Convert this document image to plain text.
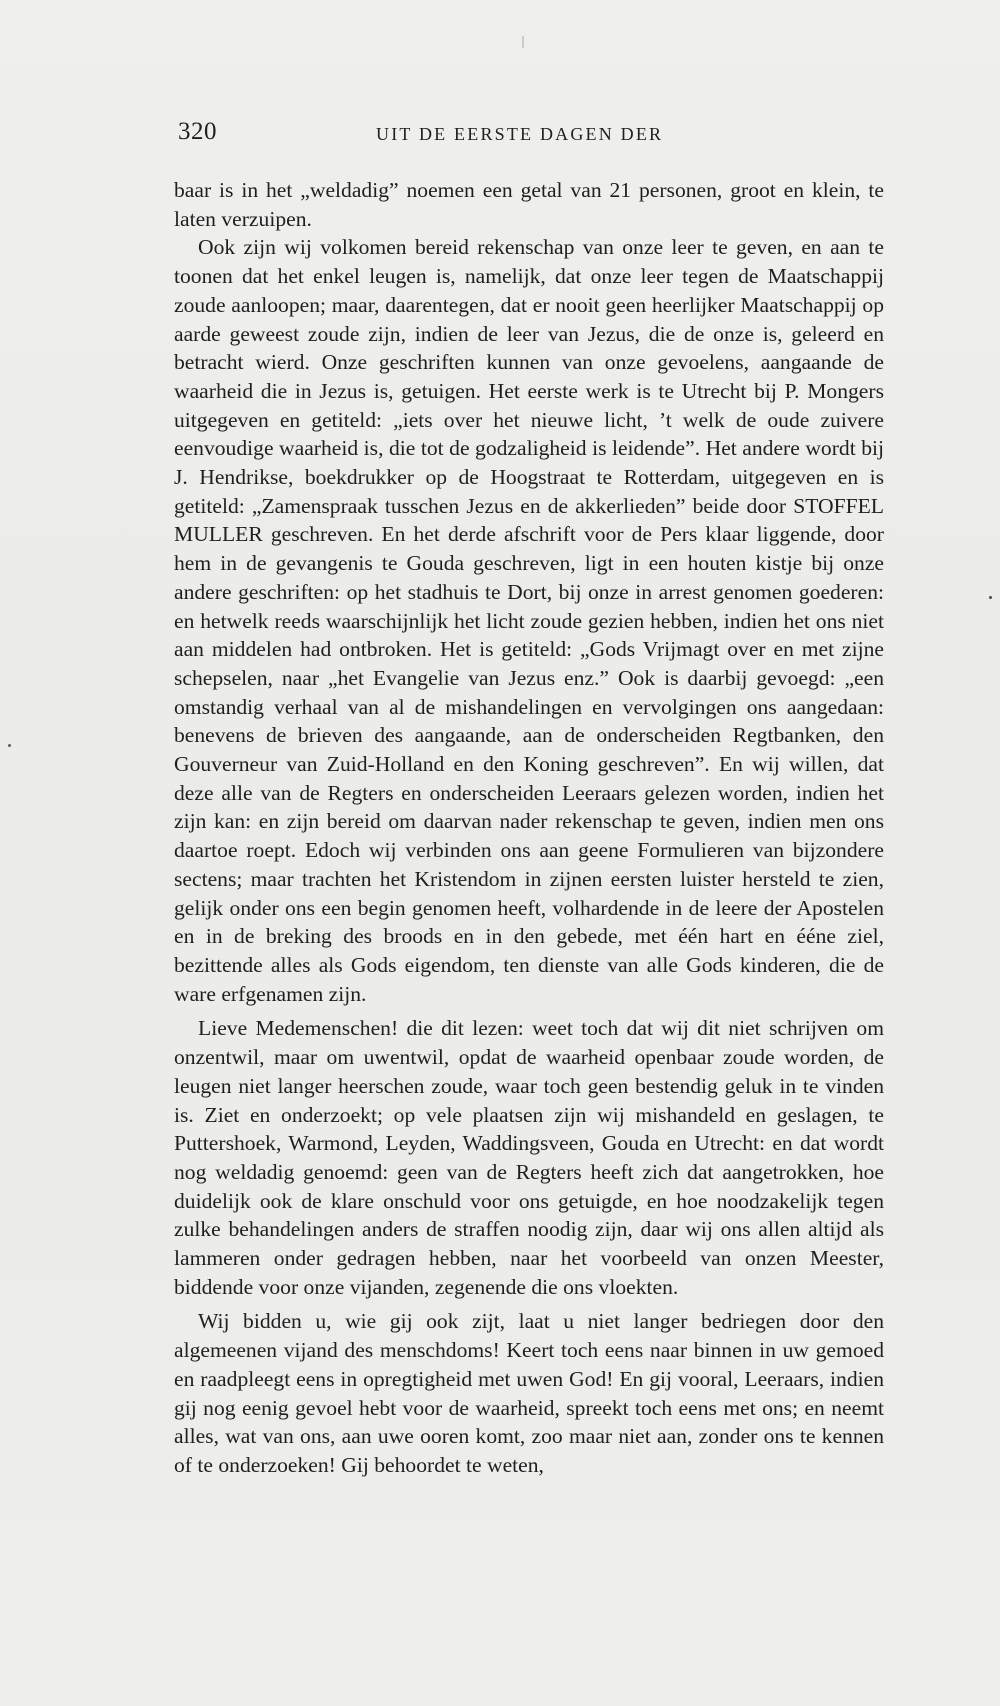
320	UIT DE EERSTE DAGEN DER

baar is in het „weldadig” noemen een getal van 21 personen, groot en klein, te laten verzuipen.

Ook zijn wij volkomen bereid rekenschap van onze leer te geven, en aan te toonen dat het enkel leugen is, namelijk, dat onze leer tegen de Maatschappij zoude aanloopen; maar, daarentegen, dat er nooit geen heerlijker Maatschappij op aarde geweest zoude zijn, indien de leer van Jezus, die de onze is, geleerd en betracht wierd. Onze geschriften kunnen van onze gevoelens, aangaande de waarheid die in Jezus is, getuigen. Het eerste werk is te Utrecht bij P. Mongers uitgegeven en getiteld: „iets over het nieuwe licht, ’t welk de oude zuivere eenvoudige waarheid is, die tot de godzaligheid is leidende”. Het andere wordt bij J. Hendrikse, boekdrukker op de Hoogstraat te Rotterdam, uitgegeven en is getiteld: „Zamenspraak tusschen Jezus en de akkerlieden” beide door STOFFEL MULLER geschreven. En het derde afschrift voor de Pers klaar liggende, door hem in de gevangenis te Gouda geschreven, ligt in een houten kistje bij onze andere geschriften: op het stadhuis te Dort, bij onze in arrest genomen goederen: en hetwelk reeds waarschijnlijk het licht zoude gezien hebben, indien het ons niet aan middelen had ontbroken. Het is getiteld: „Gods Vrijmagt over en met zijne schepselen, naar „het Evangelie van Jezus enz.” Ook is daarbij gevoegd: „een omstandig verhaal van al de mishandelingen en vervolgingen ons aangedaan: benevens de brieven des aangaande, aan de onderscheiden Regtbanken, den Gouverneur van Zuid-Holland en den Koning geschreven”. En wij willen, dat deze alle van de Regters en onderscheiden Leeraars gelezen worden, indien het zijn kan: en zijn bereid om daarvan nader rekenschap te geven, indien men ons daartoe roept. Edoch wij verbinden ons aan geene Formulieren van bijzondere sectens; maar trachten het Kristendom in zijnen eersten luister hersteld te zien, gelijk onder ons een begin genomen heeft, volhardende in de leere der Apostelen en in de breking des broods en in den gebede, met één hart en ééne ziel, bezittende alles als Gods eigendom, ten dienste van alle Gods kinderen, die de ware erfgenamen zijn.

Lieve Medemenschen! die dit lezen: weet toch dat wij dit niet schrijven om onzentwil, maar om uwentwil, opdat de waarheid openbaar zoude worden, de leugen niet langer heerschen zoude, waar toch geen bestendig geluk in te vinden is. Ziet en onderzoekt; op vele plaatsen zijn wij mishandeld en geslagen, te Puttershoek, Warmond, Leyden, Waddingsveen, Gouda en Utrecht: en dat wordt nog weldadig genoemd: geen van de Regters heeft zich dat aangetrokken, hoe duidelijk ook de klare onschuld voor ons getuigde, en hoe noodzakelijk tegen zulke behandelingen anders de straffen noodig zijn, daar wij ons allen altijd als lammeren onder gedragen hebben, naar het voorbeeld van onzen Meester, biddende voor onze vijanden, zegenende die ons vloekten.

Wij bidden u, wie gij ook zijt, laat u niet langer bedriegen door den algemeenen vijand des menschdoms! Keert toch eens naar binnen in uw gemoed en raadpleegt eens in opregtigheid met uwen God! En gij vooral, Leeraars, indien gij nog eenig gevoel hebt voor de waarheid, spreekt toch eens met ons; en neemt alles, wat van ons, aan uwe ooren komt, zoo maar niet aan, zonder ons te kennen of te onderzoeken! Gij behoordet te weten,
